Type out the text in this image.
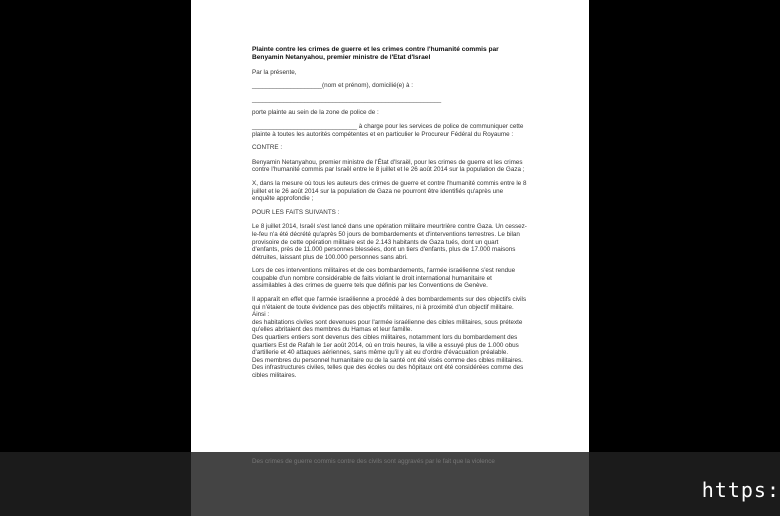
Plainte contre les crimes de guerre et les crimes contre l'humanité commis par Benyamin Netanyahou, premier ministre de l'Etat d'Israel
Par la présente,
____________________(nom et prénom), domicilié(e) à :
______________________________________________________
porte plainte au sein de la zone de police de :
______________________________ à charge pour les services de police de communiquer cette plainte à toutes les autorités compétentes et en particulier le Procureur Fédéral du Royaume :
CONTRE :
Benyamin Netanyahou, premier ministre de l'État d'Israël, pour les crimes de guerre et les crimes contre l'humanité commis par Israël entre le 8 juillet et le 26 août 2014 sur la population de Gaza ;
X, dans la mesure où tous les auteurs des crimes de guerre et contre l'humanité commis entre le 8 juillet et le 26 août 2014 sur la population de Gaza ne pourront être identifiés qu'après une enquête approfondie ;
POUR LES FAITS SUIVANTS :
Le 8 juillet 2014, Israël s'est lancé dans une opération militaire meurtrière contre Gaza. Un cessez-le-feu n'a été décrété qu'après 50 jours de bombardements et d'interventions terrestres. Le bilan provisoire de cette opération militaire est de 2.143 habitants de Gaza tués, dont un quart d'enfants, près de 11.000 personnes blessées, dont un tiers d'enfants, plus de 17.000 maisons détruites, laissant plus de 100.000 personnes sans abri.
Lors de ces interventions militaires et de ces bombardements, l'armée israélienne s'est rendue coupable d'un nombre considérable de faits violant le droit international humanitaire et assimilables à des crimes de guerre tels que définis par les Conventions de Genève.
Il apparaît en effet que l'armée israélienne a procédé à des bombardements sur des objectifs civils qui n'étaient de toute évidence pas des objectifs militaires, ni à proximité d'un objectif militaire. Ainsi :
des habitations civiles sont devenues pour l'armée israélienne des cibles militaires, sous prétexte qu'elles abritaient des membres du Hamas et leur famille.
Des quartiers entiers sont devenus des cibles militaires, notamment lors du bombardement des quartiers Est de Rafah le 1er août 2014, où en trois heures, la ville a essuyé plus de 1.000 obus d'artillerie et 40 attaques aériennes, sans même qu'il y ait eu d'ordre d'évacuation préalable.
Des membres du personnel humanitaire ou de la santé ont été visés comme des cibles militaires.
Des infrastructures civiles, telles que des écoles ou des hôpitaux ont été considérées comme des cibles militaires.
Des crimes de guerre commis contre des civils sont aggravés par le fait que la violence
https:
